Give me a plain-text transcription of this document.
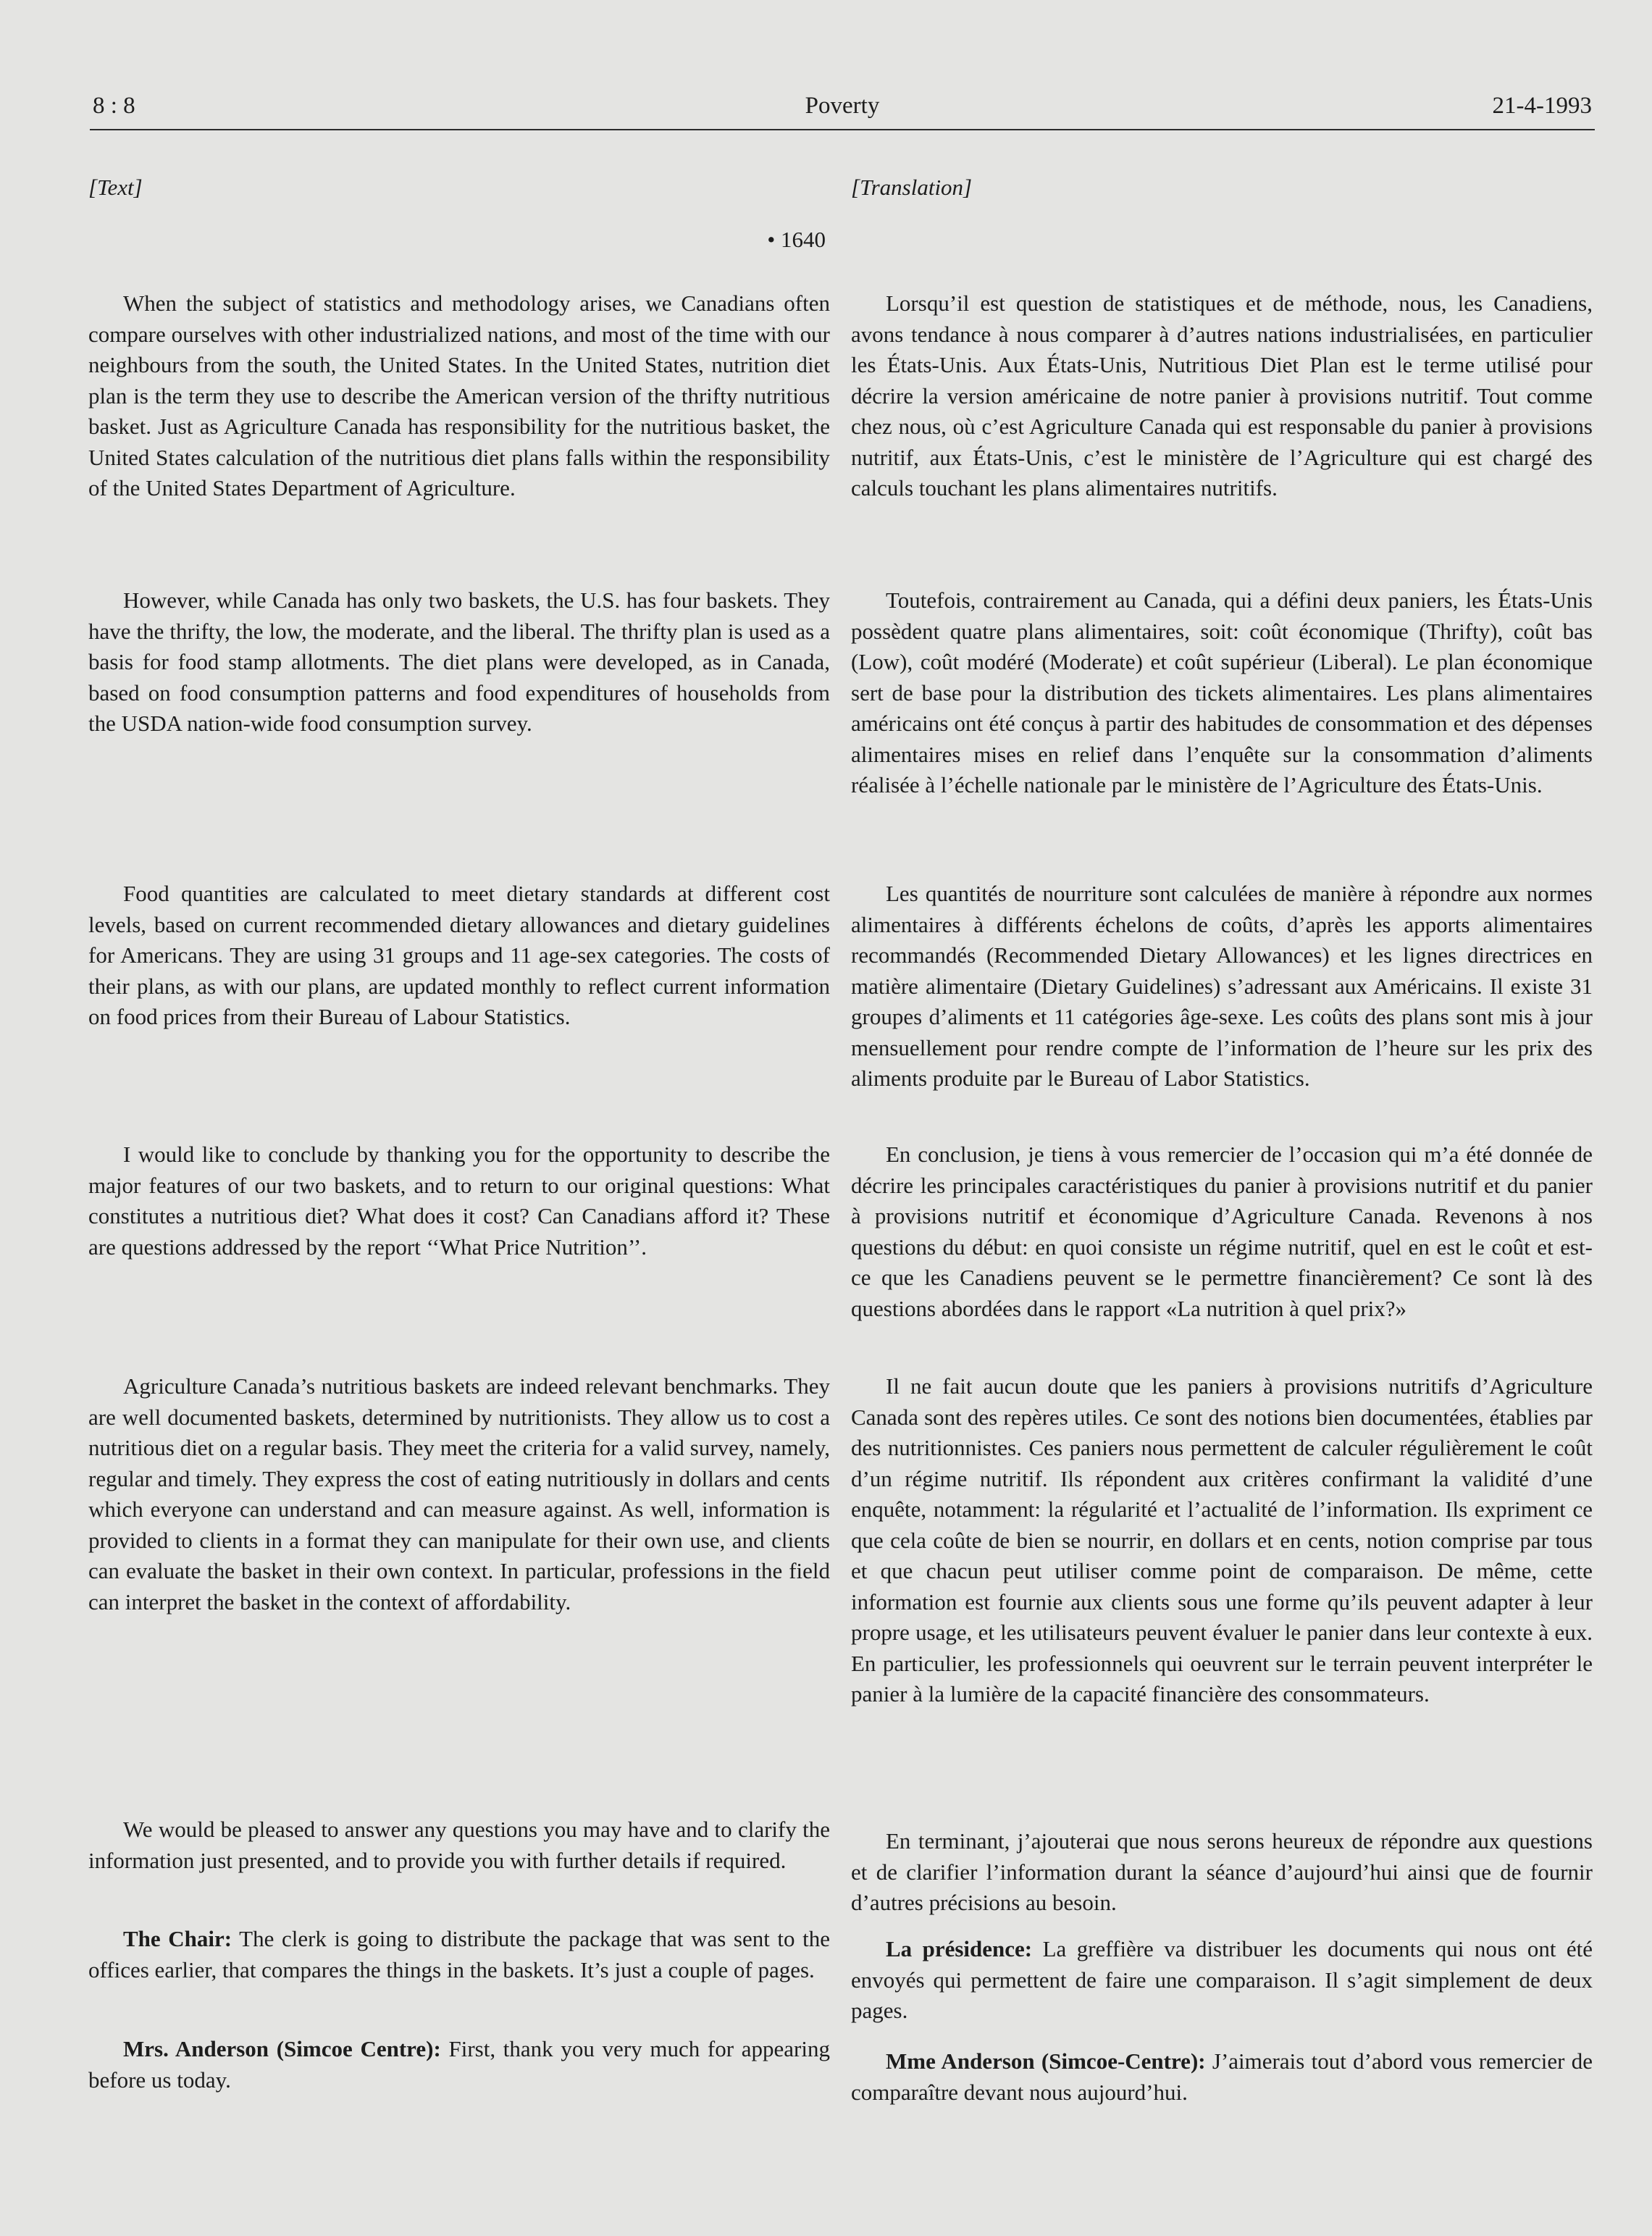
8 : 8	Poverty	21-4-1993
[Text]
• 1640

When the subject of statistics and methodology arises, we Canadians often compare ourselves with other industrialized nations, and most of the time with our neighbours from the south, the United States. In the United States, nutrition diet plan is the term they use to describe the American version of the thrifty nutritious basket. Just as Agriculture Canada has responsibility for the nutritious basket, the United States calculation of the nutritious diet plans falls within the responsibility of the United States Department of Agriculture.

However, while Canada has only two baskets, the U.S. has four baskets. They have the thrifty, the low, the moderate, and the liberal. The thrifty plan is used as a basis for food stamp allotments. The diet plans were developed, as in Canada, based on food consumption patterns and food expenditures of households from the USDA nation-wide food consumption survey.

Food quantities are calculated to meet dietary standards at different cost levels, based on current recommended dietary allowances and dietary guidelines for Americans. They are using 31 groups and 11 age-sex categories. The costs of their plans, as with our plans, are updated monthly to reflect current information on food prices from their Bureau of Labour Statistics.

I would like to conclude by thanking you for the opportunity to describe the major features of our two baskets, and to return to our original questions: What constitutes a nutritious diet? What does it cost? Can Canadians afford it? These are questions addressed by the report ‘‘What Price Nutrition’’.

Agriculture Canada’s nutritious baskets are indeed relevant benchmarks. They are well documented baskets, determined by nutritionists. They allow us to cost a nutritious diet on a regular basis. They meet the criteria for a valid survey, namely, regular and timely. They express the cost of eating nutritiously in dollars and cents which everyone can understand and can measure against. As well, information is provided to clients in a format they can manipulate for their own use, and clients can evaluate the basket in their own context. In particular, professions in the field can interpret the basket in the context of affordability.

We would be pleased to answer any questions you may have and to clarify the information just presented, and to provide you with further details if required.

The Chair: The clerk is going to distribute the package that was sent to the offices earlier, that compares the things in the baskets. It’s just a couple of pages.

Mrs. Anderson (Simcoe Centre): First, thank you very much for appearing before us today.

[Translation]

Lorsqu’il est question de statistiques et de méthode, nous, les Canadiens, avons tendance à nous comparer à d’autres nations industrialisées, en particulier les États-Unis. Aux États-Unis, Nutritious Diet Plan est le terme utilisé pour décrire la version américaine de notre panier à provisions nutritif. Tout comme chez nous, où c’est Agriculture Canada qui est responsable du panier à provisions nutritif, aux États-Unis, c’est le ministère de l’Agriculture qui est chargé des calculs touchant les plans alimentaires nutritifs.

Toutefois, contrairement au Canada, qui a défini deux paniers, les États-Unis possèdent quatre plans alimentaires, soit: coût économique (Thrifty), coût bas (Low), coût modéré (Moderate) et coût supérieur (Liberal). Le plan économique sert de base pour la distribution des tickets alimentaires. Les plans alimentaires américains ont été conçus à partir des habitudes de consommation et des dépenses alimentaires mises en relief dans l’enquête sur la consommation d’aliments réalisée à l’échelle nationale par le ministère de l’Agriculture des États-Unis.

Les quantités de nourriture sont calculées de manière à répondre aux normes alimentaires à différents échelons de coûts, d’après les apports alimentaires recommandés (Recommended Dietary Allowances) et les lignes directrices en matière alimentaire (Dietary Guidelines) s’adressant aux Américains. Il existe 31 groupes d’aliments et 11 catégories âge-sexe. Les coûts des plans sont mis à jour mensuellement pour rendre compte de l’information de l’heure sur les prix des aliments produite par le Bureau of Labor Statistics.

En conclusion, je tiens à vous remercier de l’occasion qui m’a été donnée de décrire les principales caractéristiques du panier à provisions nutritif et du panier à provisions nutritif et économique d’Agriculture Canada. Revenons à nos questions du début: en quoi consiste un régime nutritif, quel en est le coût et est-ce que les Canadiens peuvent se le permettre financièrement? Ce sont là des questions abordées dans le rapport «La nutrition à quel prix?»

Il ne fait aucun doute que les paniers à provisions nutritifs d’Agriculture Canada sont des repères utiles. Ce sont des notions bien documentées, établies par des nutritionnistes. Ces paniers nous permettent de calculer régulièrement le coût d’un régime nutritif. Ils répondent aux critères confirmant la validité d’une enquête, notamment: la régularité et l’actualité de l’information. Ils expriment ce que cela coûte de bien se nourrir, en dollars et en cents, notion comprise par tous et que chacun peut utiliser comme point de comparaison. De même, cette information est fournie aux clients sous une forme qu’ils peuvent adapter à leur propre usage, et les utilisateurs peuvent évaluer le panier dans leur contexte à eux. En particulier, les professionnels qui oeuvrent sur le terrain peuvent interpréter le panier à la lumière de la capacité financière des consommateurs.

En terminant, j’ajouterai que nous serons heureux de répondre aux questions et de clarifier l’information durant la séance d’aujourd’hui ainsi que de fournir d’autres précisions au besoin.

La présidence: La greffière va distribuer les documents qui nous ont été envoyés qui permettent de faire une comparaison. Il s’agit simplement de deux pages.

Mme Anderson (Simcoe-Centre): J’aimerais tout d’abord vous remercier de comparaître devant nous aujourd’hui.
